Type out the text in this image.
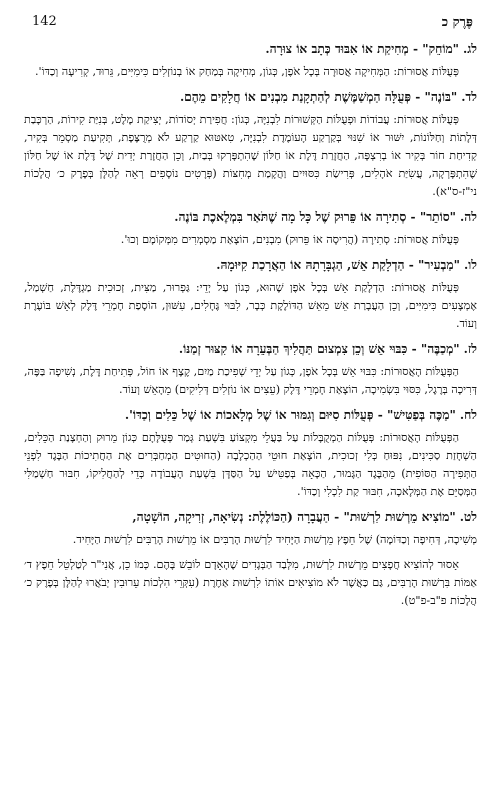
פֶּרֶק כ
142

לג."מוֹחֵק" - מְחִיקַת אוֹ אִבּוּד כְּתָב אוֹ צוּרָה.

פְּעֻלּוֹת אֲסוּרוֹת: הַמְּחִיקָה אֲסוּרָה בְּכָל אֹפֶן, כְּגוֹן, מְחִיקָה בְּמַחַק אוֹ בְנוֹזְלִים כִּימִיִּים, גֵּרוּד, קְרִיעָה וְכַדּוֹ'.

לד."בּוֹנֶה" - פְּעֻלָּה הַמְשַׁמֶּשֶׁת לְהַתְקָנַת מִבְנִים אוֹ חֲלָקִים מֵהֶם.

פְּעֻלּוֹת אֲסוּרוֹת: עֲבוֹדוֹת וּפְעֻלּוֹת הַקְּשׁוּרוֹת לִבְנִיָּה, כְּגוֹן: חֲפִירַת יְסוֹדוֹת, יְצִיקַת מֶלֶט, בְּנִיַּת קִירוֹת, הַרְכָּבַת דְּלָתוֹת וְחַלּוֹנוֹת, יִשּׁוּר אוֹ שִׁנּוּי בְּקַרְקַע הָעוֹמֶדֶת לִבְנִיָּה, טִאטּוּא קַרְקַע לֹא מְרֻצֶּפֶת, תְּקִיעַת מַסְמֵר בְּקִיר, קְדִיחַת חוֹר בְּקִיר אוֹ בְרִצְפָּה, הַחֲזָרַת דֶּלֶת אוֹ חַלּוֹן שֶׁהִתְפָּרְקוּ בְּבַיִת, וְכֵן הַחֲזָרַת יְדִית שֶׁל דֶּלֶת אוֹ שֶׁל חַלּוֹן שֶׁהִתְפָּרְקָה, עֲשִׂיַּת אֹהָלִים, פְּרִישַׂת כִּסּוּיִים וַהֲקָמַת מְחִצּוֹת (פְּרָטִים נוֹסָפִים רְאֵה לְהַלָּן בְּפֶרֶק כ׳ הֲלָכוֹת ני"ז-ס"א).

לה."סוֹתֵר" - סְתִירָה אוֹ פֵּרוּק שֶׁל כָּל מָה שֶׁתֹּאַר בִּמְלֶאכֶת בּוֹנֶה.

פְּעֻלּוֹת אֲסוּרוֹת: סְתִירָה (הֲרִיסָה אוֹ פֵּרוּק) מִבְנִים, הוֹצָאַת מַסְמְרִים מִמְּקוֹמָם וְכוּ'.

לו."מַבְעִיר" - הַדְלָקַת אֵשׁ, הַגְבָּרָתָהּ אוֹ הַאֲרָכַת קִיּוּמָהּ.

פְּעֻלּוֹת אֲסוּרוֹת: הַדְלָקַת אֵשׁ בְּכָל אֹפֶן שֶׁהוּא, כְּגוֹן עַל יְדֵי: גַּפְרוּר, מַצִּית, זְכוּכִית מַגְדֶּלֶת, חַשְׁמַל, אֶמְצָעִים כִּימִיִּים, וְכֵן הַעֲבָרַת אֵשׁ מֵאֵשׁ הַדּוֹלֶקֶת כְּבָר, לִבּוּי גֶּחָלִים, עִשּׁוּן, הוֹסָפַת חָמְרֵי דֶּלֶק לְאֵשׁ בּוֹעֶרֶת וְעוֹד.

לז."מְכַבֶּה" - כִּבּוּי אֵשׁ וְכֵן צִמְצוּם תַּהֲלִיךְ הַבְּעֵרָה אוֹ קִצּוּר זְמַנּוֹ.

הַפְּעֻלּוֹת הָאֲסוּרוֹת: כִּבּוּי אֵשׁ בְּכָל אֹפֶן, כְּגוֹן עַל יְדֵי שְׁפִיכַת מַיִם, קֶצֶף אוֹ חוֹל, פְּתִיחַת דֶּלֶת, נְשִׁיפָה בַּפֶּה, דְּרִיכָה בְּרֶגֶל, כִּסּוּי בִּשְׂמִיכָה, הוֹצָאַת חָמְרֵי דֶּלֶק (עֵצִים אוֹ נוֹזְלִים דְּלִיקִים) מֵהָאֵשׁ וְעוֹד.

לח."מַכֶּה בְּפַטִּישׁ" - פְּעֻלּוֹת סִיּוּם וְגִמּוּר אוֹ שֶׁל מְלָאכוֹת אוֹ שֶׁל כֵּלִים וְכַדּוֹ'.

הַפְּעֻלּוֹת הָאֲסוּרוֹת: פְּעֻלּוֹת הַמְקֻבָּלוֹת עַל בַּעֲלֵי מִקְצוֹעַ בִּשְׁעַת גְּמַר פְּעֻלָּתָם כְּגוֹן מֵרוּק וְהַחְצָנַת הַכֵּלִים, הַשְׁחָזַת סַכִּינִים, נִפּוּחַ כְּלִי זְכוּכִית, הוֹצָאַת חוּטֵי הַהַכְלָבָה (הַחוּטִים הַמְחַבְּרִים אֶת הַחֲתִיכוֹת הַבֶּגֶד לִפְנֵי הַתְּפִירָה הַסּוֹפִית) מֵהַבֶּגֶד הַגָּמוּר, הַכָּאָה בְּפַטִּישׁ עַל הַסַּדָּן בִּשְׁעַת הָעֲבוֹדָה כְּדֵי לְהַחֲלִיקוֹ, חִבּוּר חַשְׁמַלִּי הַמְּסַיֵּם אֶת הַמְּלָאכָה, חִבּוּר קַת לִכְלִי וְכַדּוֹ'.

לט."מוֹצִיא מֵרְשׁוּת לִרְשׁוּת" - הַעֲבָרָה (הַכּוֹלֶלֶת: נְשִׂיאָה, זְרִיקָה, הוֹשָׁטָה,

מְשִׁיכָה, דְּחִיפָה וְכַדּוֹמֶה) שֶׁל חֵפֶץ מֵרְשׁוּת הַיָּחִיד לִרְשׁוּת הָרַבִּים אוֹ מֵרְשׁוּת הָרַבִּים לִרְשׁוּת הַיָּחִיד.

אָסוּר לְהוֹצִיא חֲפָצִים מֵרְשׁוּת לִרְשׁוּת, מִלְּבַד הַבְּגָדִים שֶׁהָאָדָם לוֹבֵשׁ בָּהֶם. כְּמוֹ כֵן, אֲנִי"ר לְטַלְטֵל חֵפֶץ ד׳ אַמּוֹת בִּרְשׁוּת הָרַבִּים, גַּם כַּאֲשֶׁר לֹא מוֹצִיאִים אוֹתוֹ לִרְשׁוּת אַחֶרֶת (עִקְּרֵי הִלְכוֹת עֵרוּבִין יְבֹאֲרוּ לְהַלָּן בְּפֶרֶק כ׳ הֲלָכוֹת פ"ב-פ"ט).
